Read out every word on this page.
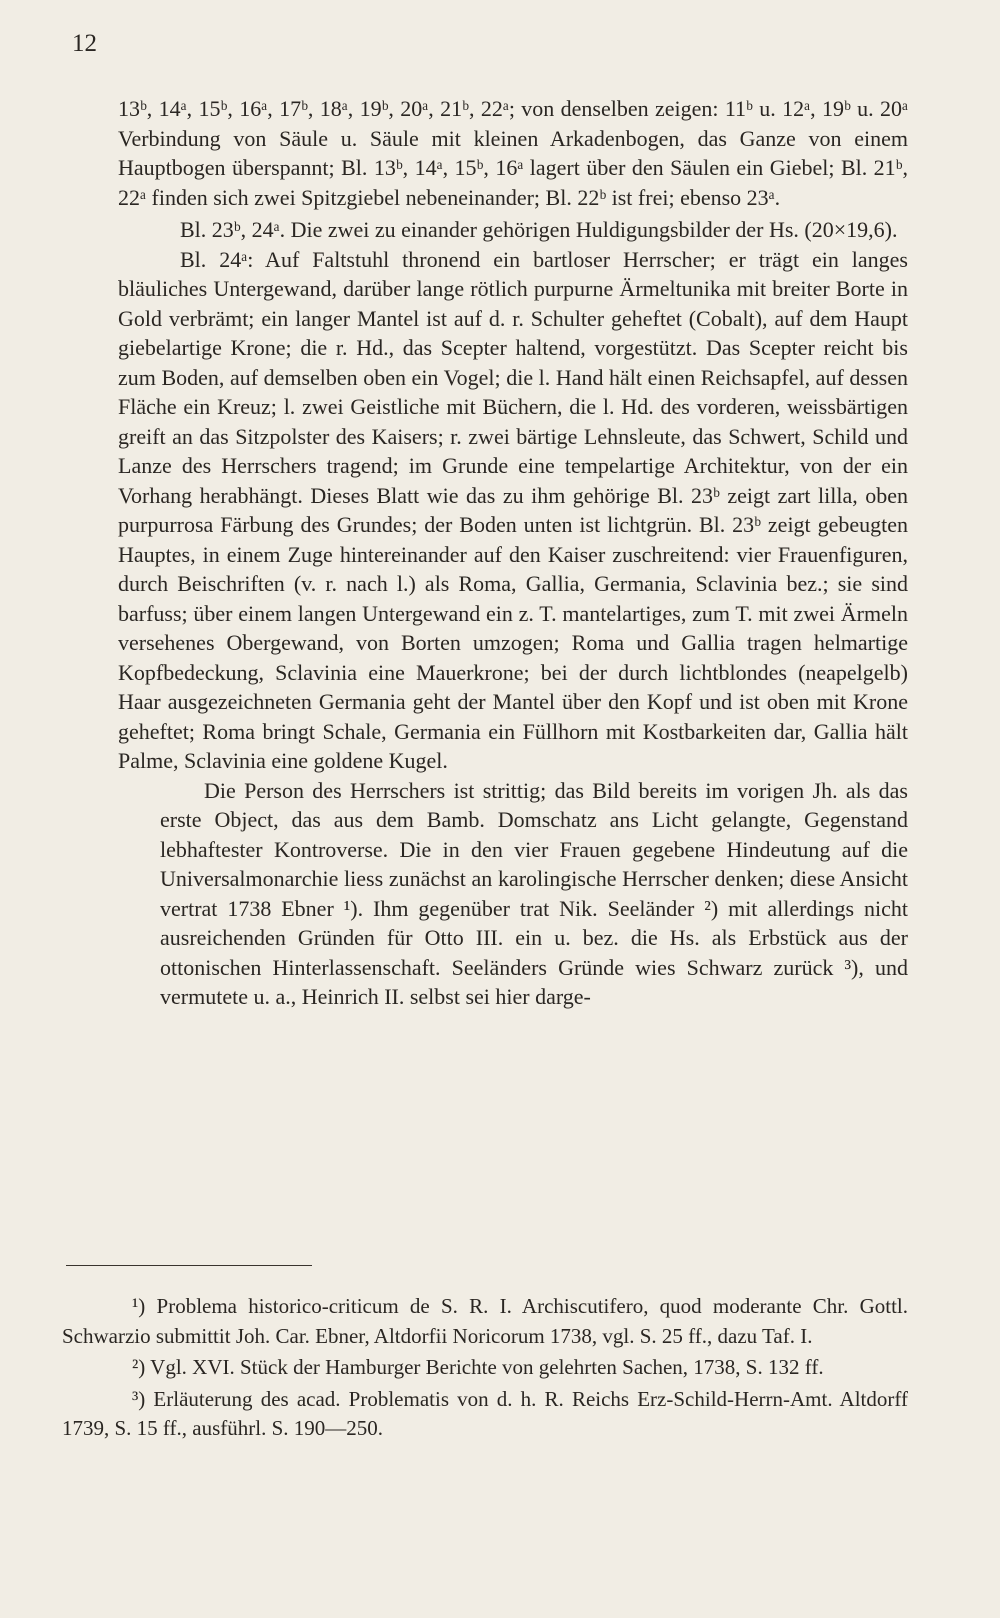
12

13ᵇ, 14ᵃ, 15ᵇ, 16ᵃ, 17ᵇ, 18ᵃ, 19ᵇ, 20ᵃ, 21ᵇ, 22ᵃ; von denselben zeigen: 11ᵇ u. 12ᵃ, 19ᵇ u. 20ᵃ Verbindung von Säule u. Säule mit kleinen Arkadenbogen, das Ganze von einem Hauptbogen überspannt; Bl. 13ᵇ, 14ᵃ, 15ᵇ, 16ᵃ lagert über den Säulen ein Giebel; Bl. 21ᵇ, 22ᵃ finden sich zwei Spitzgiebel nebeneinander; Bl. 22ᵇ ist frei; ebenso 23ᵃ.

Bl. 23ᵇ, 24ᵃ. Die zwei zu einander gehörigen Huldigungsbilder der Hs. (20×19,6).

Bl. 24ᵃ: Auf Faltstuhl thronend ein bartloser Herrscher; er trägt ein langes bläuliches Untergewand, darüber lange rötlich purpurne Ärmeltunika mit breiter Borte in Gold verbrämt; ein langer Mantel ist auf d. r. Schulter geheftet (Cobalt), auf dem Haupt giebelartige Krone; die r. Hd., das Scepter haltend, vorgestützt. Das Scepter reicht bis zum Boden, auf demselben oben ein Vogel; die l. Hand hält einen Reichsapfel, auf dessen Fläche ein Kreuz; l. zwei Geistliche mit Büchern, die l. Hd. des vorderen, weissbärtigen greift an das Sitzpolster des Kaisers; r. zwei bärtige Lehnsleute, das Schwert, Schild und Lanze des Herrschers tragend; im Grunde eine tempelartige Architektur, von der ein Vorhang herabhängt. Dieses Blatt wie das zu ihm gehörige Bl. 23ᵇ zeigt zart lilla, oben purpurrosa Färbung des Grundes; der Boden unten ist lichtgrün. Bl. 23ᵇ zeigt gebeugten Hauptes, in einem Zuge hintereinander auf den Kaiser zuschreitend: vier Frauenfiguren, durch Beischriften (v. r. nach l.) als Roma, Gallia, Germania, Sclavinia bez.; sie sind barfuss; über einem langen Untergewand ein z. T. mantelartiges, zum T. mit zwei Ärmeln versehenes Obergewand, von Borten umzogen; Roma und Gallia tragen helmartige Kopfbedeckung, Sclavinia eine Mauerkrone; bei der durch lichtblondes (neapelgelb) Haar ausgezeichneten Germania geht der Mantel über den Kopf und ist oben mit Krone geheftet; Roma bringt Schale, Germania ein Füllhorn mit Kostbarkeiten dar, Gallia hält Palme, Sclavinia eine goldene Kugel.

Die Person des Herrschers ist strittig; das Bild bereits im vorigen Jh. als das erste Object, das aus dem Bamb. Domschatz ans Licht gelangte, Gegenstand lebhaftester Kontroverse. Die in den vier Frauen gegebene Hindeutung auf die Universalmonarchie liess zunächst an karolingische Herrscher denken; diese Ansicht vertrat 1738 Ebner ¹). Ihm gegenüber trat Nik. Seeländer ²) mit allerdings nicht ausreichenden Gründen für Otto III. ein u. bez. die Hs. als Erbstück aus der ottonischen Hinterlassenschaft. Seeländers Gründe wies Schwarz zurück ³), und vermutete u. a., Heinrich II. selbst sei hier darge-

¹) Problema historico-criticum de S. R. I. Archiscutifero, quod moderante Chr. Gottl. Schwarzio submittit Joh. Car. Ebner, Altdorfii Noricorum 1738, vgl. S. 25 ff., dazu Taf. I.

²) Vgl. XVI. Stück der Hamburger Berichte von gelehrten Sachen, 1738, S. 132 ff.

³) Erläuterung des acad. Problematis von d. h. R. Reichs Erz-Schild-Herrn-Amt. Altdorff 1739, S. 15 ff., ausführl. S. 190—250.
